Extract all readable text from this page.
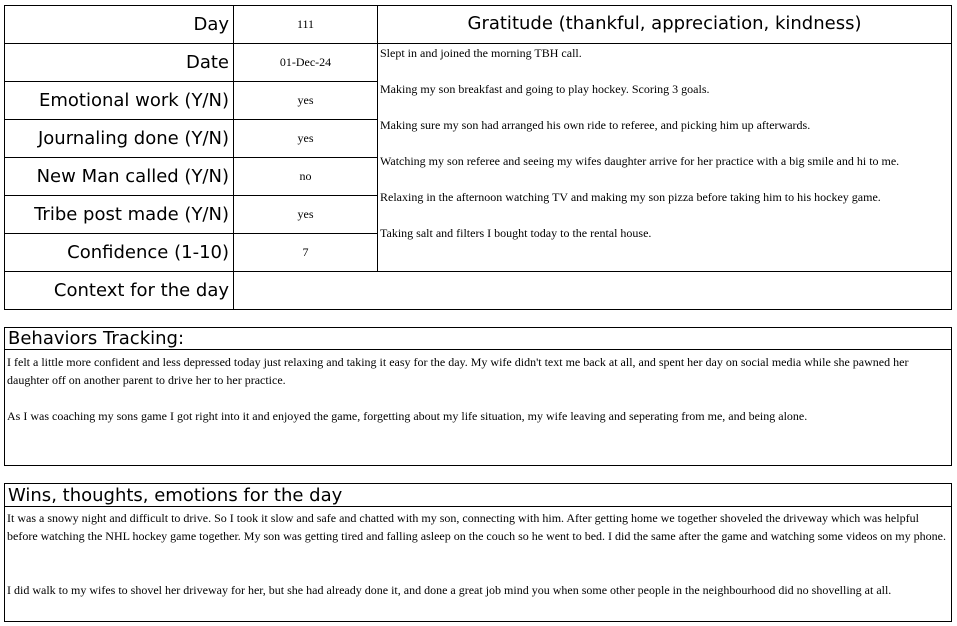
Day
Date
Emotional work (Y/N)
Journaling done (Y/N)
New Man called (Y/N)
Tribe post made (Y/N)
Confidence (1-10)
Context for the day
111
01-Dec-24
yes
yes
no
yes
7
Gratitude (thankful, appreciation, kindness)
Slept in and joined the morning TBH call.
Making my son breakfast and going to play hockey. Scoring 3 goals.
Making sure my son had arranged his own ride to referee, and picking him up afterwards.
Watching my son referee and seeing my wifes daughter arrive for her practice with a big smile and hi to me.
Relaxing in the afternoon watching TV and making my son pizza before taking him to his hockey game.
Taking salt and filters I bought today to the rental house.
Behaviors Tracking:

I felt a little more confident and less depressed today just relaxing and taking it easy for the day. My wife didn't text me back at all, and spent her day on social media while she pawned her daughter off on another parent to drive her to her practice.

As I was coaching my sons game I got right into it and enjoyed the game, forgetting about my life situation, my wife leaving and seperating from me, and being alone.

Wins, thoughts, emotions for the day

It was a snowy night and difficult to drive. So I took it slow and safe and chatted with my son, connecting with him. After getting home we together shoveled the driveway which was helpful before watching the NHL hockey game together. My son was getting tired and falling asleep on the couch so he went to bed. I did the same after the game and watching some videos on my phone.

I did walk to my wifes to shovel her driveway for her, but she had already done it, and done a great job mind you when some other people in the neighbourhood did no shovelling at all.
